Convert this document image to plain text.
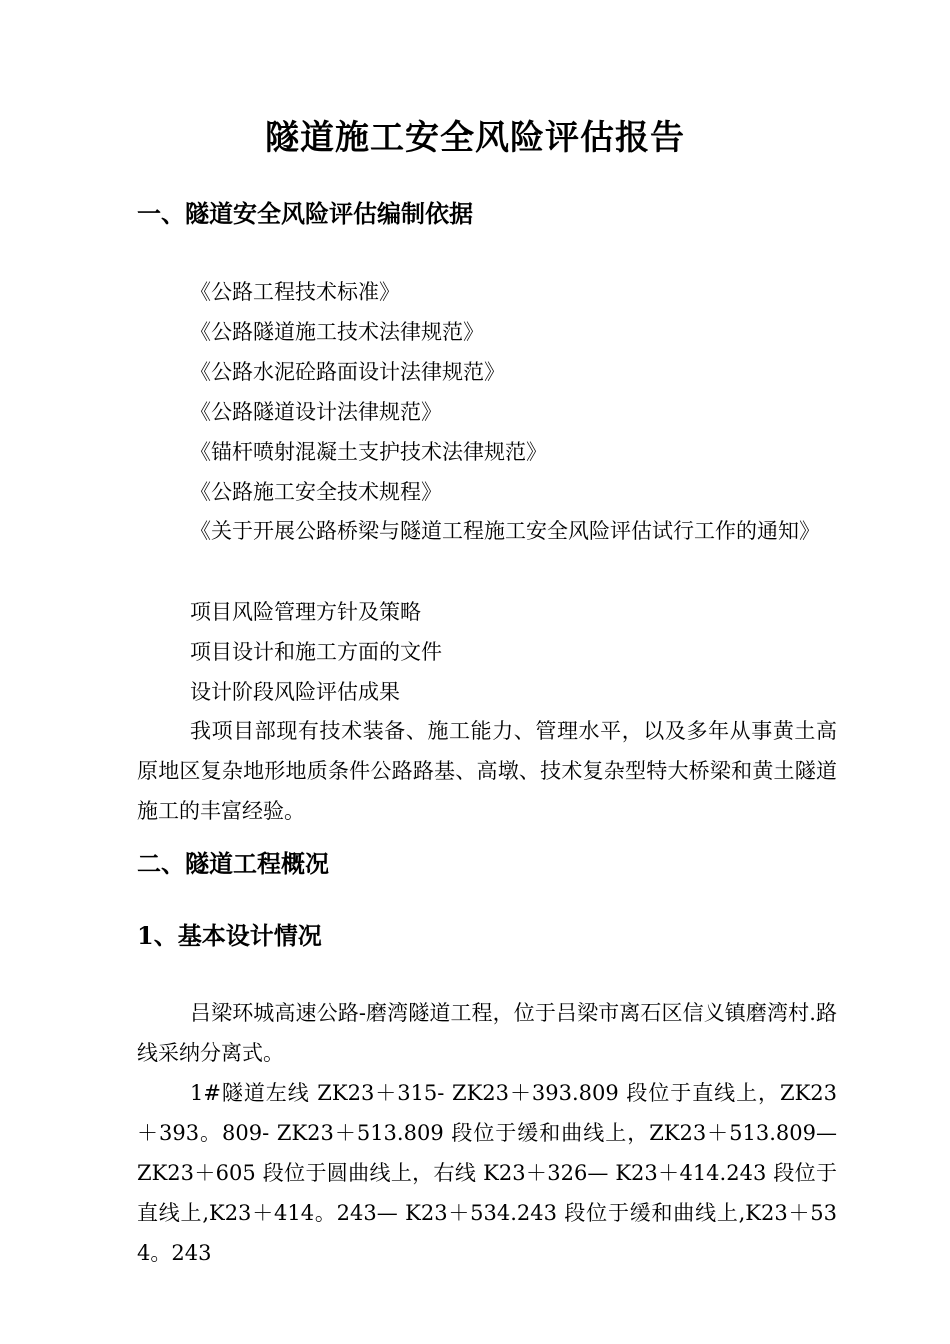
隧道施工安全风险评估报告
一、隧道安全风险评估编制依据
《公路工程技术标准》
《公路隧道施工技术法律规范》
《公路水泥砼路面设计法律规范》
《公路隧道设计法律规范》
《锚杆喷射混凝土支护技术法律规范》
《公路施工安全技术规程》
《关于开展公路桥梁与隧道工程施工安全风险评估试行工作的通知》
项目风险管理方针及策略
项目设计和施工方面的文件
设计阶段风险评估成果
我项目部现有技术装备、施工能力、管理水平，以及多年从事黄土高原地区复杂地形地质条件公路路基、高墩、技术复杂型特大桥梁和黄土隧道施工的丰富经验。
二、隧道工程概况
1、基本设计情况
吕梁环城高速公路-磨湾隧道工程，位于吕梁市离石区信义镇磨湾村.路线采纳分离式。
1#隧道左线 ZK23＋315- ZK23＋393.809 段位于直线上，ZK23＋393。809- ZK23＋513.809 段位于缓和曲线上，ZK23＋513.809— ZK23＋605 段位于圆曲线上，右线 K23＋326— K23＋414.243 段位于直线上,K23＋414。243— K23＋534.243 段位于缓和曲线上,K23＋534。243
